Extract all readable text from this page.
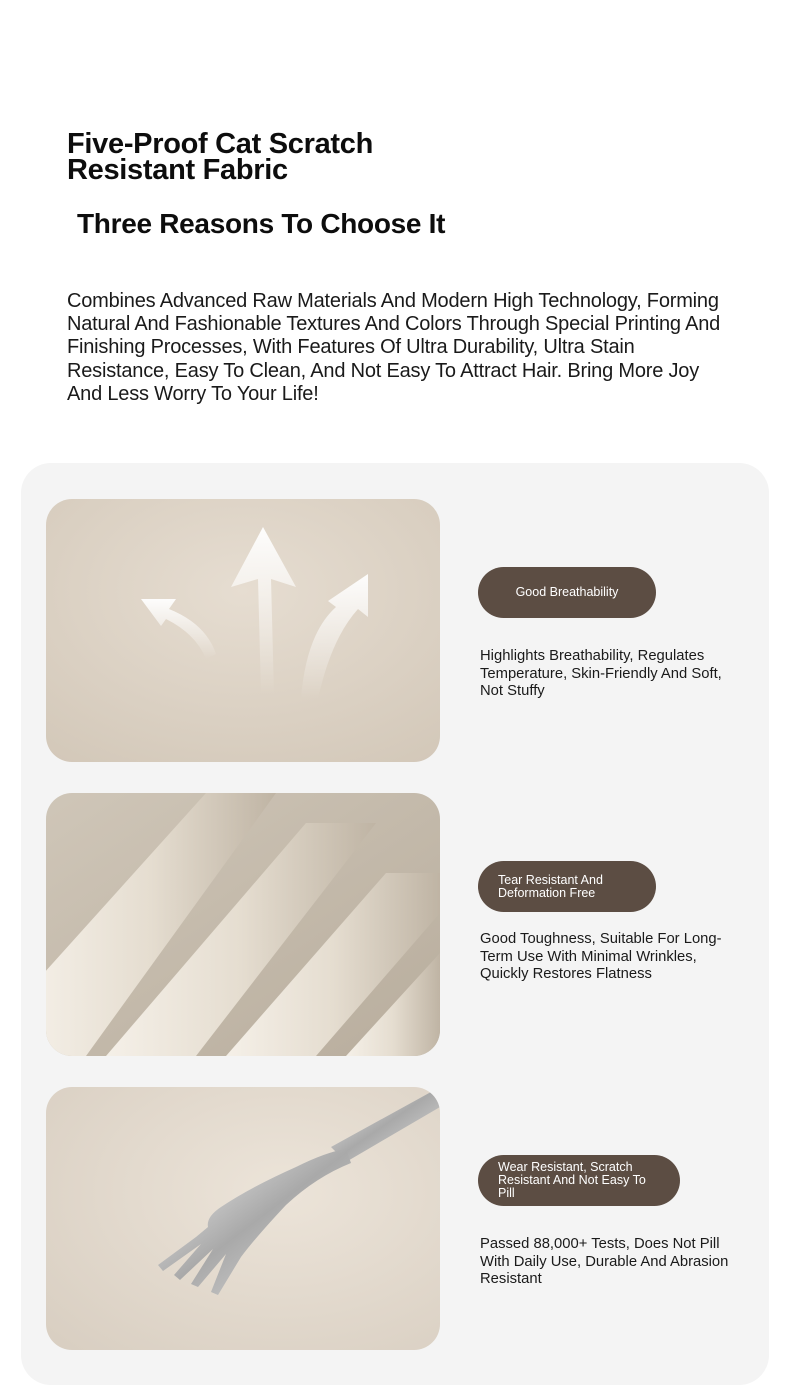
Five-Proof Cat Scratch Resistant Fabric
Three Reasons To Choose It

Combines Advanced Raw Materials And Modern High Technology, Forming Natural And Fashionable Textures And Colors Through Special Printing And Finishing Processes, With Features Of Ultra Durability, Ultra Stain Resistance, Easy To Clean, And Not Easy To Attract Hair. Bring More Joy And Less Worry To Your Life!

Good Breathability

Highlights Breathability, Regulates Temperature, Skin-Friendly And Soft, Not Stuffy

Tear Resistant And Deformation Free

Good Toughness, Suitable For Long-Term Use With Minimal Wrinkles, Quickly Restores Flatness

Wear Resistant, Scratch Resistant And Not Easy To Pill

Passed 88,000+ Tests, Does Not Pill With Daily Use, Durable And Abrasion Resistant
